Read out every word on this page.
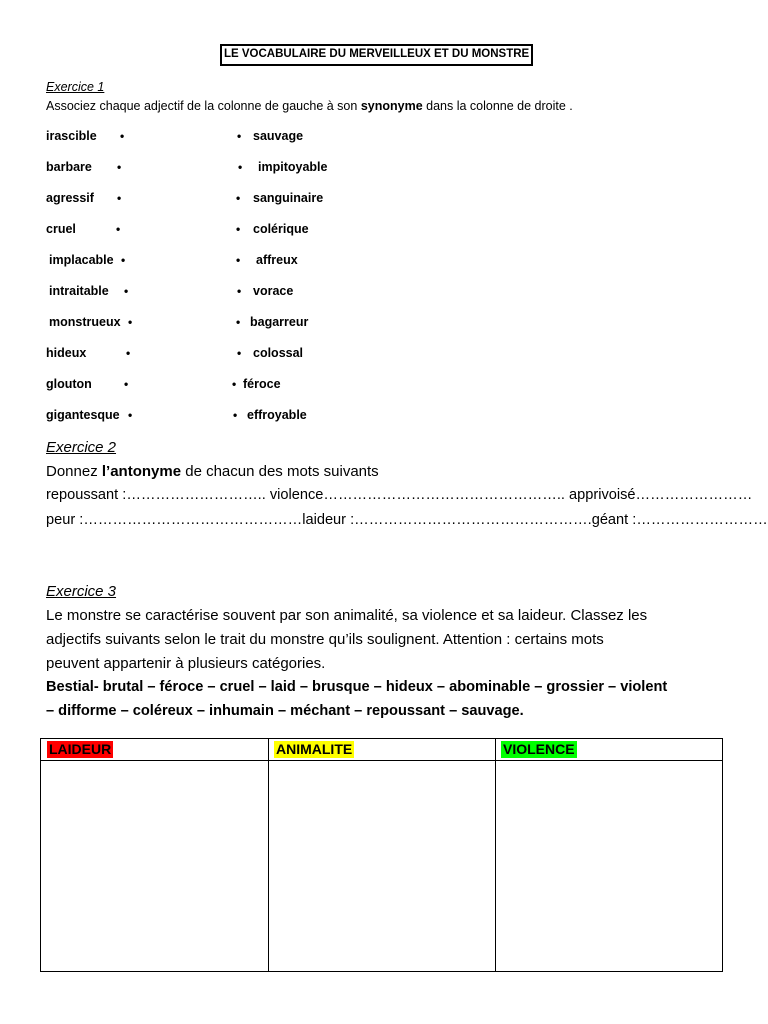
LE VOCABULAIRE DU MERVEILLEUX ET DU MONSTRE
Exercice 1
Associez chaque adjectif de la colonne de gauche à son synonyme dans la colonne de droite .
irascible •	• sauvage
barbare •	• impitoyable
agressif •	• sanguinaire
cruel	•	• colérique
implacable •	• affreux
intraitable •	• vorace
monstrueux •	• bagarreur
hideux	•	• colossal
glouton	•	• féroce
gigantesque •	• effroyable
Exercice 2
Donnez l’antonyme de chacun des mots suivants
repoussant :……………………….. violence………………………………………….. apprivoisé……………………
peur :………………………………………laideur :………………………………………….géant :………………………
Exercice 3
Le monstre se caractérise souvent par son animalité, sa violence et sa laideur. Classez les
adjectifs suivants selon le trait du monstre qu’ils soulignent. Attention : certains mots
peuvent appartenir à plusieurs catégories.
Bestial- brutal – féroce – cruel – laid – brusque – hideux – abominable – grossier – violent
– difforme – coléreux – inhumain – méchant – repoussant – sauvage.
LAIDEUR	ANIMALITE	VIOLENCE
